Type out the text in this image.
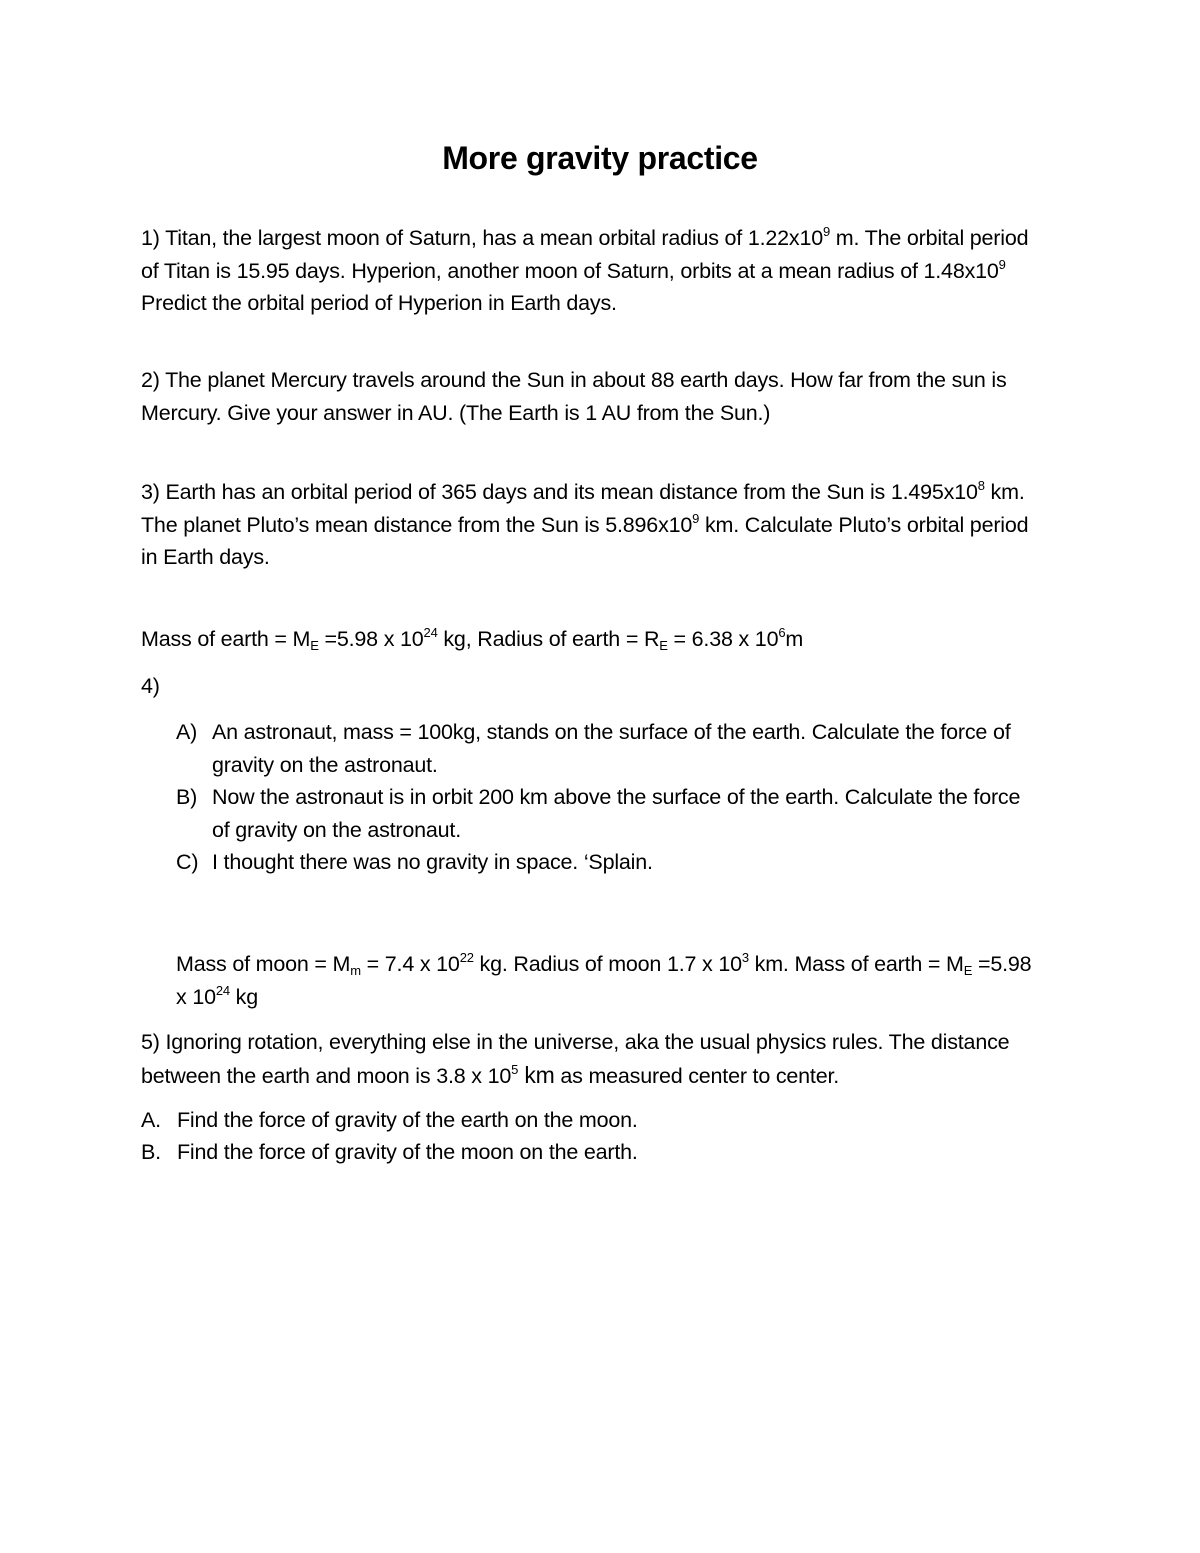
More gravity practice
1) Titan, the largest moon of Saturn, has a mean orbital radius of $1.22x10^9$ m. The orbital period
of Titan is 15.95 days. Hyperion, another moon of Saturn, orbits at a mean radius of $1.48x10^9$
Predict the orbital period of Hyperion in Earth days.
2) The planet Mercury travels around the Sun in about 88 earth days. How far from the sun is
Mercury. Give your answer in AU. (The Earth is 1 AU from the Sun.)
3) Earth has an orbital period of 365 days and its mean distance from the Sun is $1.495x10^8$ km.
The planet Pluto’s mean distance from the Sun is $5.896x10^9$ km. Calculate Pluto’s orbital period
in Earth days.
Mass of earth = $M_E =5.98$ x $10^{24}$ kg, Radius of earth = $R_E = 6.38$ x $10^6m$
4)
A) An astronaut, mass = 100kg, stands on the surface of the earth. Calculate the force of
gravity on the astronaut.
B) Now the astronaut is in orbit 200 km above the surface of the earth. Calculate the force
of gravity on the astronaut.
C) I thought there was no gravity in space. ‘Splain.
Mass of moon = $M_m = 7.4$ x $10^{22}$ kg. Radius of moon 1.7 x $10^3$ km. Mass of earth = $M_E =5.98$
x $10^{24}$ kg
5) Ignoring rotation, everything else in the universe, aka the usual physics rules. The distance
between the earth and moon is 3.8 x $10^5$ km as measured center to center.
A. Find the force of gravity of the earth on the moon.
B. Find the force of gravity of the moon on the earth.
